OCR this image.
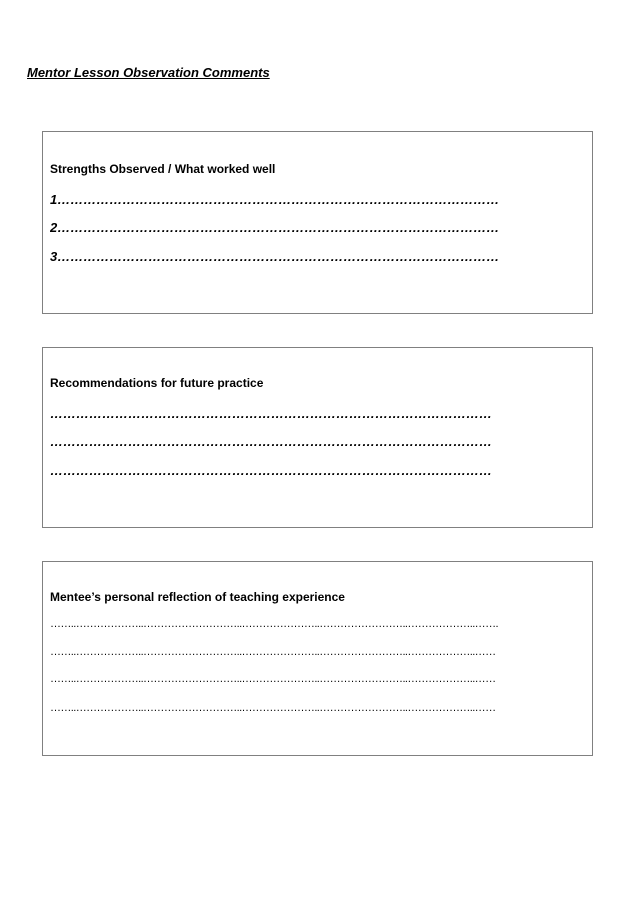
Mentor Lesson Observation Comments
Strengths Observed / What worked well
1…………………………………………………………………………………………
2…………………………………………………………………………………………
3…………………………………………………………………………………………
Recommendations for future practice
…………………………………………………………………………………………
…………………………………………………………………………………………
…………………………………………………………………………………………
Mentee’s personal reflection of teaching experience
……..………………..………………………..…………………..……………………..………………..…….
……..………………..………………………..…………………..……………………..………………..……
……..………………..………………………..…………………..……………………..………………..……
……..………………..………………………..…………………..……………………..………………..……
